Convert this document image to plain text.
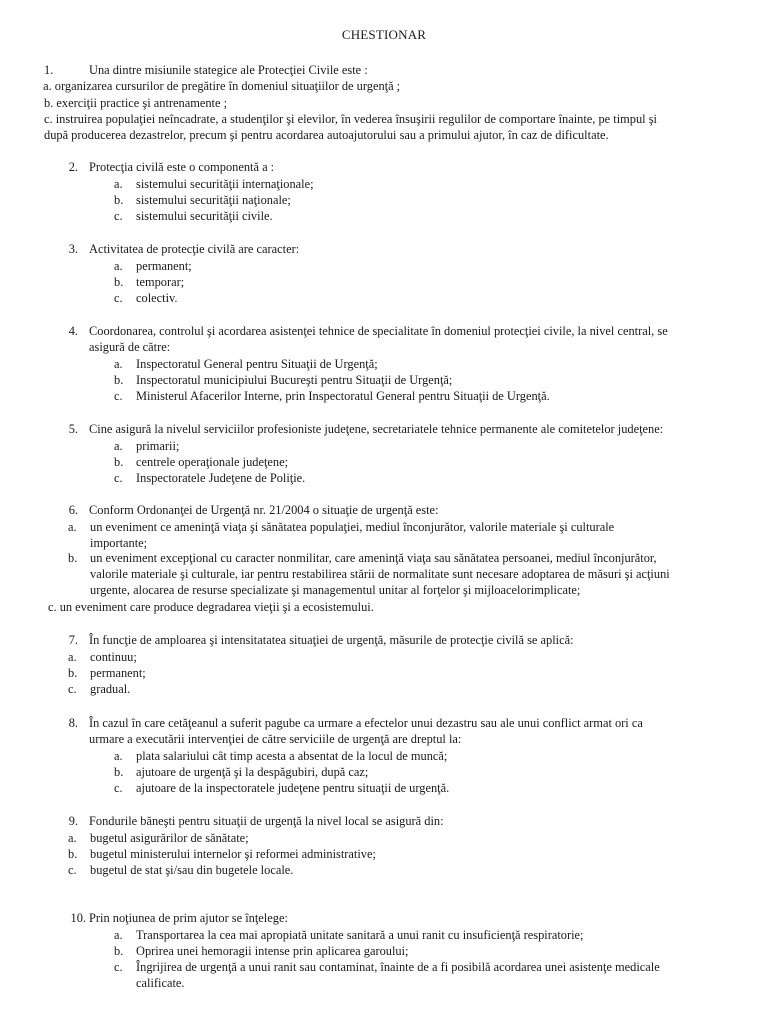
CHESTIONAR
1.	Una dintre misiunile stategice ale Protecţiei Civile este :
a. organizarea cursurilor de pregătire în domeniul situaţiilor de urgenţă ;
b. exerciţii practice şi antrenamente ;
c. instruirea populaţiei neîncadrate, a studenţilor şi elevilor, în vederea însuşirii regulilor de comportare înainte, pe timpul şi
după producerea dezastrelor, precum şi pentru acordarea autoajutorului sau a primului ajutor, în caz de dificultate.
2. Protecţia civilă este o componentă a :
a. sistemului securităţii internaţionale;
b. sistemului securităţii naţionale;
c. sistemului securităţii civile.
3. Activitatea de protecţie civilă are caracter:
a. permanent;
b. temporar;
c. colectiv.
4. Coordonarea, controlul şi acordarea asistenţei tehnice de specialitate în domeniul protecţiei civile, la nivel central, se
asigură de către:
a. Inspectoratul General pentru Situaţii de Urgenţă;
b. Inspectoratul municipiului Bucureşti pentru Situaţii de Urgenţă;
c. Ministerul Afacerilor Interne, prin Inspectoratul General pentru Situaţii de Urgenţă.
5. Cine asigură la nivelul serviciilor profesioniste judeţene, secretariatele tehnice permanente ale comitetelor judeţene:
a. primarii;
b. centrele operaţionale judeţene;
c. Inspectoratele Judeţene de Poliţie.
6. Conform Ordonanţei de Urgenţă nr. 21/2004 o situaţie de urgenţă este:
a. un eveniment ce ameninţă viaţa şi sănătatea populaţiei, mediul înconjurător, valorile materiale şi culturale
importante;
b. un eveniment excepţional cu caracter nonmilitar, care ameninţă viaţa sau sănătatea persoanei, mediul înconjurător,
valorile materiale şi culturale, iar pentru restabilirea stării de normalitate sunt necesare adoptarea de măsuri şi acţiuni
urgente, alocarea de resurse specializate şi managementul unitar al forţelor şi mijloacelorimplicate;
c. un eveniment care produce degradarea vieţii şi a ecosistemului.
7. În funcţie de amploarea şi intensitatatea situaţiei de urgenţă, măsurile de protecţie civilă se aplică:
a. continuu;
b. permanent;
c. gradual.
8. În cazul în care cetăţeanul a suferit pagube ca urmare a efectelor unui dezastru sau ale unui conflict armat ori ca
urmare a executării intervenţiei de către serviciile de urgenţă are dreptul la:
a. plata salariului cât timp acesta a absentat de la locul de muncă;
b. ajutoare de urgenţă şi la despăgubiri, după caz;
c. ajutoare de la inspectoratele judeţene pentru situaţii de urgenţă.
9. Fondurile băneşti pentru situaţii de urgenţă la nivel local se asigură din:
a. bugetul asigurărilor de sănătate;
b. bugetul ministerului internelor şi reformei administrative;
c. bugetul de stat şi/sau din bugetele locale.
10. Prin noţiunea de prim ajutor se înţelege:
a. Transportarea la cea mai apropiată unitate sanitară a unui ranit cu insuficienţă respiratorie;
b. Oprirea unei hemoragii intense prin aplicarea garoului;
c. Îngrijirea de urgenţă a unui ranit sau contaminat, înainte de a fi posibilă acordarea unei asistenţe medicale
calificate.
